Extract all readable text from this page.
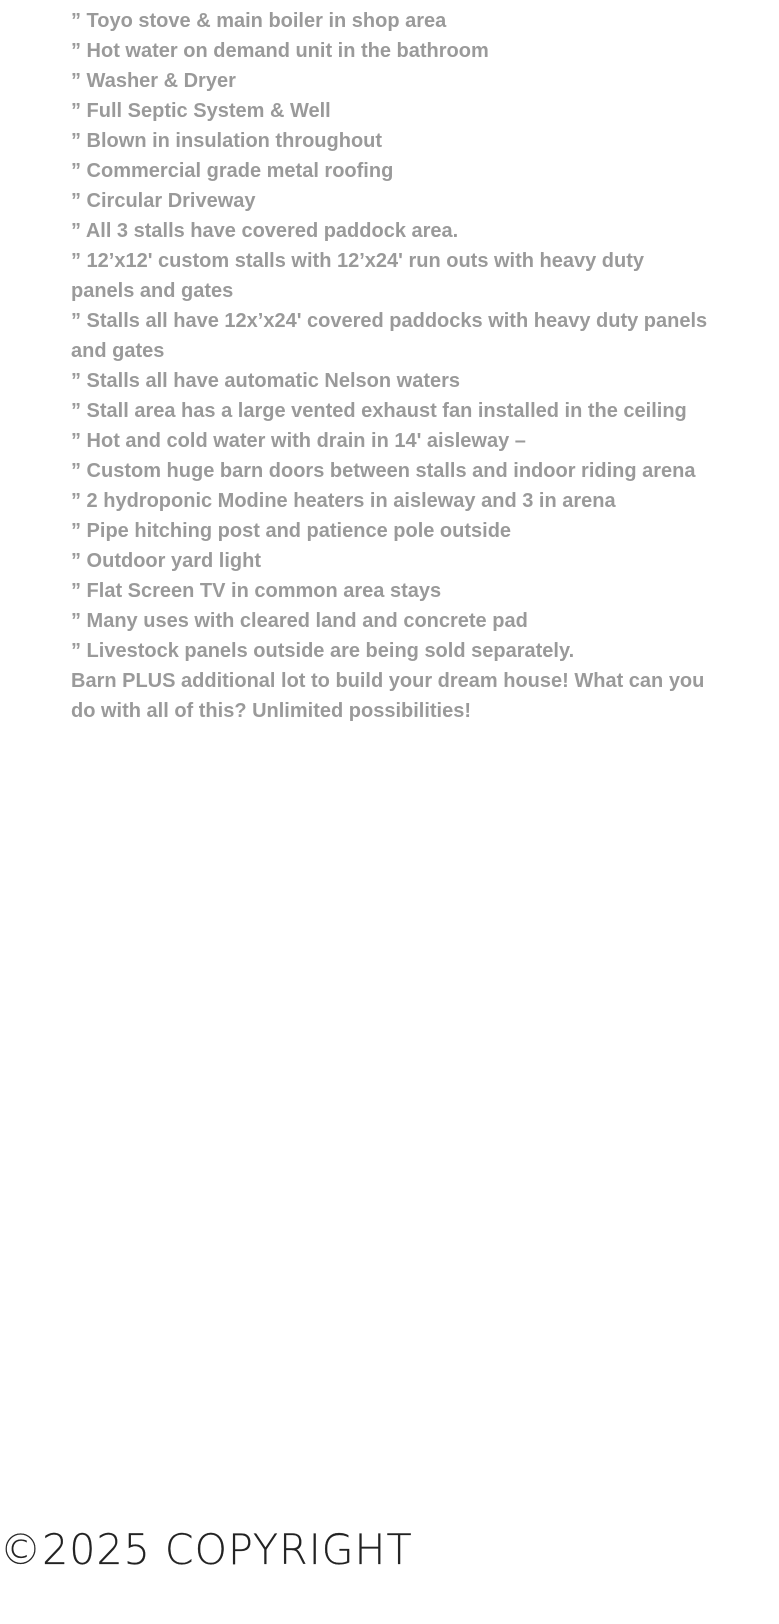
” Toyo stove & main boiler in shop area
” Hot water on demand unit in the bathroom
” Washer & Dryer
” Full Septic System & Well
” Blown in insulation throughout
” Commercial grade metal roofing
” Circular Driveway
” All 3 stalls have covered paddock area.
” 12’x12' custom stalls with 12’x24' run outs with heavy duty panels and gates
” Stalls all have 12x’x24' covered paddocks with heavy duty panels and gates
” Stalls all have automatic Nelson waters
” Stall area has a large vented exhaust fan installed in the ceiling
” Hot and cold water with drain in 14' aisleway –
” Custom huge barn doors between stalls and indoor riding arena
” 2 hydroponic Modine heaters in aisleway and 3 in arena
” Pipe hitching post and patience pole outside
” Outdoor yard light
” Flat Screen TV in common area stays
” Many uses with cleared land and concrete pad
” Livestock panels outside are being sold separately.
Barn PLUS additional lot to build your dream house! What can you do with all of this? Unlimited possibilities!
©2025 COPYRIGHT
